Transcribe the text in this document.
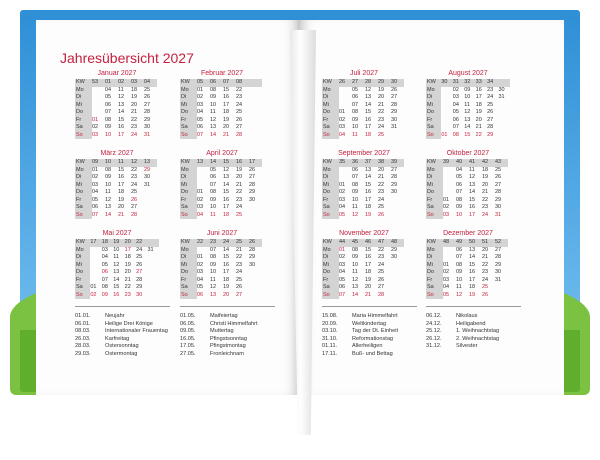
Jahresübersicht 2027
Januar 2027
KW	53	01	02	03	04
Mo		04	11	18	25
Di		05	12	19	26
Mi		06	13	20	27
Do		07	14	21	28
Fr	01	08	15	22	29
Sa	02	09	16	23	30
So	03	10	17	24	31
Februar 2027
KW	05	06	07	08	
Mo	01	08	15	22	
Di	02	09	16	23	
Mi	03	10	17	24	
Do	04	11	18	25	
Fr	05	12	19	26	
Sa	06	13	20	27	
So	07	14	21	28	
März 2027
KW	09	10	11	12	13
Mo	01	08	15	22	29
Di	02	09	16	23	30
Mi	03	10	17	24	31
Do	04	11	18	25	
Fr	05	12	19	26	
Sa	06	13	20	27	
So	07	14	21	28	
April 2027
KW	13	14	15	16	17
Mo		05	12	19	26
Di		06	13	20	27
Mi		07	14	21	28
Do	01	08	15	22	29
Fr	02	09	16	23	30
Sa	03	10	17	24	
So	04	11	18	25	
Mai 2027
KW	17	18	19	20	22	
Mo		03	10	17	24	31
Di		04	11	18	25	
Mi		05	12	19	26	
Do		06	13	20	27	
Fr		07	14	21	28	
Sa	01	08	15	22	29	
So	02	09	16	23	30	
Juni 2027
KW	22	23	24	25	26
Mo		07	14	21	28
Di	01	08	15	22	29
Mi	02	09	16	23	30
Do	03	10	17	24	
Fr	04	11	18	25	
Sa	05	12	19	26	
So	06	13	20	27	
Juli 2027
KW	26	27	28	29	30
Mo		05	12	19	26
Di		06	13	20	27
Mi		07	14	21	28
Do	01	08	15	22	29
Fr	02	09	16	23	30
Sa	03	10	17	24	31
So	04	11	18	25	
August 2027
KW	30	31	32	33	34	
Mo		02	09	16	23	30
Di		03	10	17	24	31
Mi		04	11	18	25	
Do		05	12	19	26	
Fr		06	13	20	27	
Sa		07	14	21	28	
So	01	08	15	22	29	
September 2027
KW	35	36	37	38	39
Mo		06	13	20	27
Di		07	14	21	28
Mi	01	08	15	22	29
Do	02	09	16	23	30
Fr	03	10	17	24	
Sa	04	11	18	25	
So	05	12	19	26	
Oktober 2027
KW	39	40	41	42	43
Mo		04	11	18	25
Di		05	12	19	26
Mi		06	13	20	27
Do		07	14	21	28
Fr	01	08	15	22	29
Sa	02	09	16	23	30
So	03	10	17	24	31
November 2027
KW	44	45	46	47	48
Mo	01	08	15	22	29
Di	02	09	16	23	30
Mi	03	10	17	24	
Do	04	11	18	25	
Fr	05	12	19	26	
Sa	06	13	20	27	
So	07	14	21	28	
Dezember 2027
KW	48	49	50	51	52
Mo		06	13	20	27
Di		07	14	21	28
Mi	01	08	15	22	29
Do	02	09	16	23	30
Fr	03	10	17	24	31
Sa	04	11	18	25	
So	05	12	19	26	
01.01.	Neujahr
06.01.	Heilige Drei Könige
08.03.	Internationaler Frauentag
26.03.	Karfreitag
28.03.	Ostersonntag
29.03.	Ostermontag
01.05.	Maifeiertag
06.05.	Christi Himmelfahrt
09.05.	Muttertag
16.05.	Pfingstsonntag
17.05.	Pfingstmontag
27.05.	Fronleichnam
15.08.	Maria Himmelfahrt
20.09.	Weltkindertag
03.10.	Tag der Dt. Einheit
31.10.	Reformationstag
01.11.	Allerheiligen
17.11.	Buß- und Bettag
06.12.	Nikolaus
24.12.	Heiligabend
25.12.	1. Weihnachtstag
26.12.	2. Weihnachtstag
31.12.	Silvester
